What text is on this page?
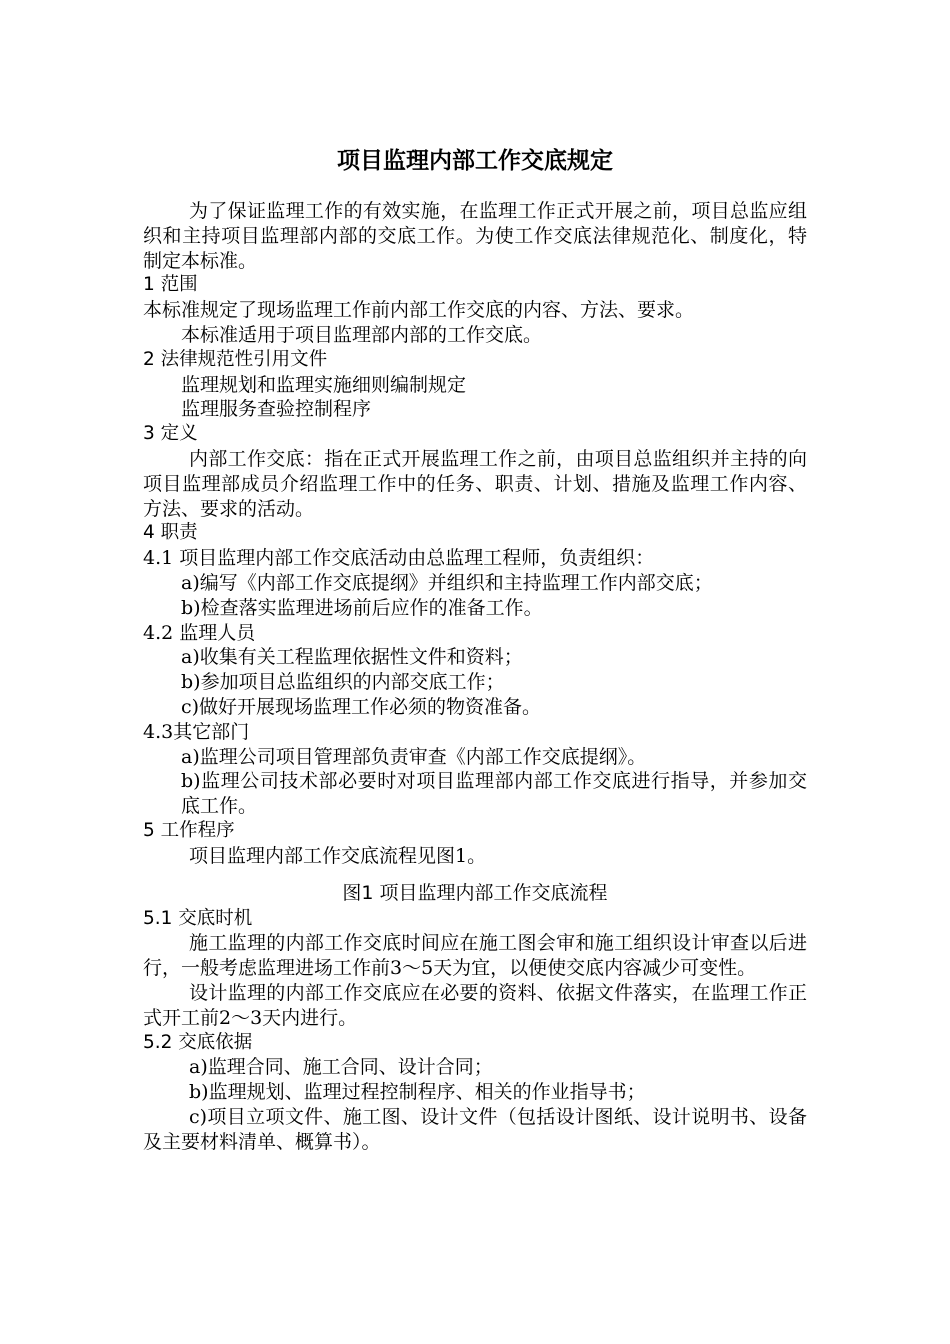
项目监理内部工作交底规定

为了保证监理工作的有效实施，在监理工作正式开展之前，项目总监应组织和主持项目监理部内部的交底工作。为使工作交底法律规范化、制度化，特制定本标准。

1 范围

本标准规定了现场监理工作前内部工作交底的内容、方法、要求。

本标准适用于项目监理部内部的工作交底。

2 法律规范性引用文件

监理规划和监理实施细则编制规定

监理服务查验控制程序

3 定义

内部工作交底：指在正式开展监理工作之前，由项目总监组织并主持的向项目监理部成员介绍监理工作中的任务、职责、计划、措施及监理工作内容、方法、要求的活动。

4 职责

4.1 项目监理内部工作交底活动由总监理工程师，负责组织：

a)编写《内部工作交底提纲》并组织和主持监理工作内部交底；

b)检查落实监理进场前后应作的准备工作。

4.2 监理人员

a)收集有关工程监理依据性文件和资料；

b)参加项目总监组织的内部交底工作；

c)做好开展现场监理工作必须的物资准备。

4.3其它部门

a)监理公司项目管理部负责审查《内部工作交底提纲》。

b)监理公司技术部必要时对项目监理部内部工作交底进行指导，并参加交底工作。

5 工作程序

项目监理内部工作交底流程见图1。

图1 项目监理内部工作交底流程

5.1 交底时机

施工监理的内部工作交底时间应在施工图会审和施工组织设计审查以后进行，一般考虑监理进场工作前3～5天为宜，以便使交底内容减少可变性。

设计监理的内部工作交底应在必要的资料、依据文件落实，在监理工作正式开工前2～3天内进行。

5.2 交底依据

a)监理合同、施工合同、设计合同；

b)监理规划、监理过程控制程序、相关的作业指导书；

c)项目立项文件、施工图、设计文件（包括设计图纸、设计说明书、设备及主要材料清单、概算书）。
